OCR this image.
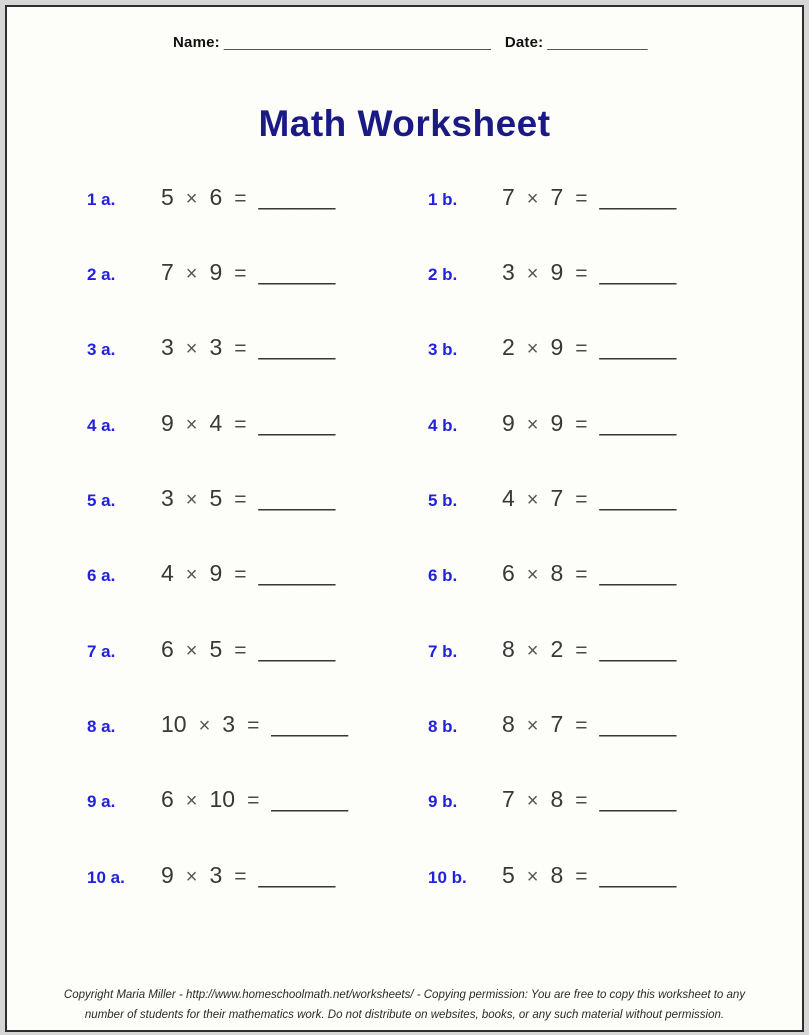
Name: ________________________________ Date: ____________
Math Worksheet
1 a.	5 × 6 = ______	1 b.	7 × 7 = ______
2 a.	7 × 9 = ______	2 b.	3 × 9 = ______
3 a.	3 × 3 = ______	3 b.	2 × 9 = ______
4 a.	9 × 4 = ______	4 b.	9 × 9 = ______
5 a.	3 × 5 = ______	5 b.	4 × 7 = ______
6 a.	4 × 9 = ______	6 b.	6 × 8 = ______
7 a.	6 × 5 = ______	7 b.	8 × 2 = ______
8 a.	10 × 3 = ______	8 b.	8 × 7 = ______
9 a.	6 × 10 = ______	9 b.	7 × 8 = ______
10 a.	9 × 3 = ______	10 b.	5 × 8 = ______
Copyright Maria Miller - http://www.homeschoolmath.net/worksheets/ - Copying permission: You are free to copy this worksheet to any
number of students for their mathematics work. Do not distribute on websites, books, or any such material without permission.
